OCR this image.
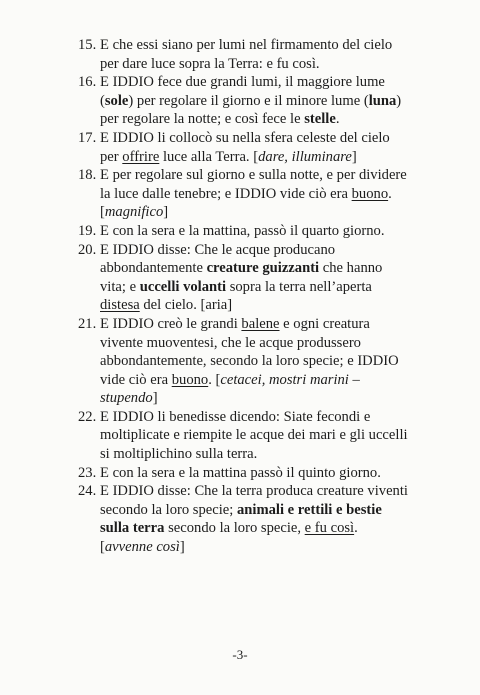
15. E che essi siano per lumi nel firmamento del cielo per dare luce sopra la Terra: e fu così.
16. E IDDIO fece due grandi lumi, il maggiore lume (sole) per regolare il giorno e il minore lume (luna) per regolare la notte; e così fece le stelle.
17. E IDDIO li collocò su nella sfera celeste del cielo per offrire luce alla Terra. [dare, illuminare]
18. E per regolare sul giorno e sulla notte, e per dividere la luce dalle tenebre; e IDDIO vide ciò era buono. [magnifico]
19. E con la sera e la mattina, passò il quarto giorno.
20. E IDDIO disse: Che le acque producano abbondantemente creature guizzanti che hanno vita; e uccelli volanti sopra la terra nell’aperta distesa del cielo. [aria]
21. E IDDIO creò le grandi balene e ogni creatura vivente muoventesi, che le acque produssero abbondantemente, secondo la loro specie; e IDDIO vide ciò era buono. [cetacei, mostri marini – stupendo]
22. E IDDIO li benedisse dicendo: Siate fecondi e moltiplicate e riempite le acque dei mari e gli uccelli si moltiplichino sulla terra.
23. E con la sera e la mattina passò il quinto giorno.
24. E IDDIO disse: Che la terra produca creature viventi secondo la loro specie; animali e rettili e bestie sulla terra secondo la loro specie, e fu così. [avvenne così]
-3-
